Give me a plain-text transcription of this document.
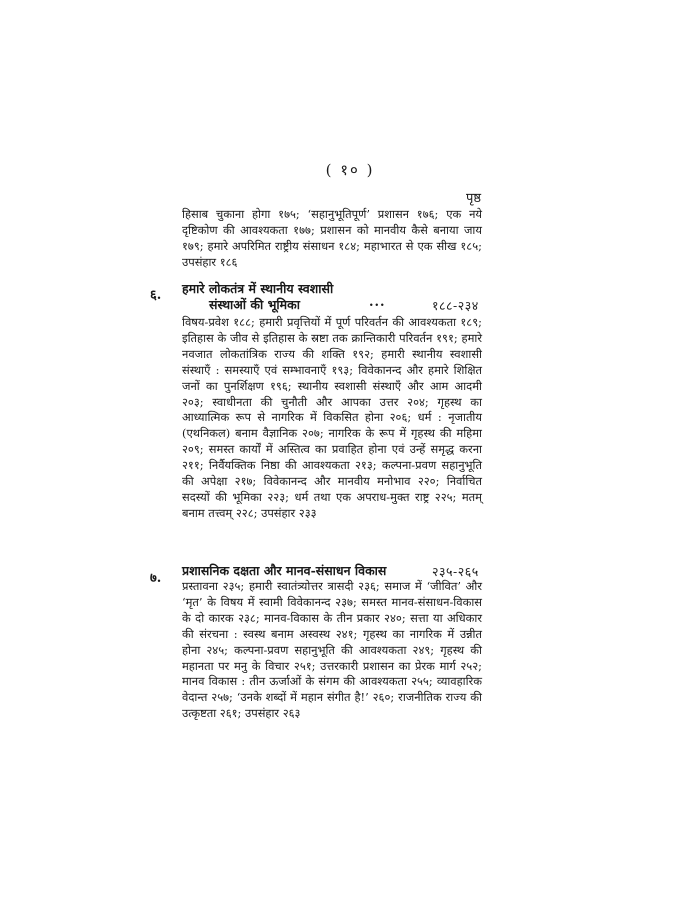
( १० )
पृष्ठ
हिसाब चुकाना होगा १७५; ‘सहानुभूतिपूर्ण’ प्रशासन १७६; एक नये दृष्टिकोण की आवश्यकता १७७; प्रशासन को मानवीय कैसे बनाया जाय १७९; हमारे अपरिमित राष्ट्रीय संसाधन १८४; महाभारत से एक सीख १८५; उपसंहार १८६
६. हमारे लोकतंत्र में स्थानीय स्वशासी
संस्थाओं की भूमिका	...	१८८-२३४
विषय-प्रवेश १८८; हमारी प्रवृत्तियों में पूर्ण परिवर्तन की आवश्यकता १८९; इतिहास के जीव से इतिहास के स्रष्टा तक क्रान्तिकारी परिवर्तन १९१; हमारे नवजात लोकतांत्रिक राज्य की शक्ति १९२; हमारी स्थानीय स्वशासी संस्थाएँ : समस्याएँ एवं सम्भावनाएँ १९३; विवेकानन्द और हमारे शिक्षित जनों का पुनर्शिक्षण १९६; स्थानीय स्वशासी संस्थाएँ और आम आदमी २०३; स्वाधीनता की चुनौती और आपका उत्तर २०४; गृहस्थ का आध्यात्मिक रूप से नागरिक में विकसित होना २०६; धर्म : नृजातीय (एथनिकल) बनाम वैज्ञानिक २०७; नागरिक के रूप में गृहस्थ की महिमा २०९; समस्त कार्यों में अस्तित्व का प्रवाहित होना एवं उन्हें समृद्ध करना २११; निर्वैयक्तिक निष्ठा की आवश्यकता २१३; कल्पना-प्रवण सहानुभूति की अपेक्षा २१७; विवेकानन्द और मानवीय मनोभाव २२०; निर्वाचित सदस्यों की भूमिका २२३; धर्म तथा एक अपराध-मुक्त राष्ट्र २२५; मतम् बनाम तत्त्वम् २२८; उपसंहार २३३
७.
प्रशासनिक दक्षता और मानव-संसाधन विकास	२३५-२६५
प्रस्तावना २३५; हमारी स्वातंत्र्योत्तर त्रासदी २३६; समाज में ‘जीवित’ और ‘मृत’ के विषय में स्वामी विवेकानन्द २३७; समस्त मानव-संसाधन-विकास के दो कारक २३८; मानव-विकास के तीन प्रकार २४०; सत्ता या अधिकार की संरचना : स्वस्थ बनाम अस्वस्थ २४१; गृहस्थ का नागरिक में उन्नीत होना २४५; कल्पना-प्रवण सहानुभूति की आवश्यकता २४९; गृहस्थ की महानता पर मनु के विचार २५१; उत्तरकारी प्रशासन का प्रेरक मार्ग २५२; मानव विकास : तीन ऊर्जाओं के संगम की आवश्यकता २५५; व्यावहारिक वेदान्त २५७; ‘उनके शब्दों में महान संगीत है!’ २६०; राजनीतिक राज्य की उत्कृष्टता २६१; उपसंहार २६३
